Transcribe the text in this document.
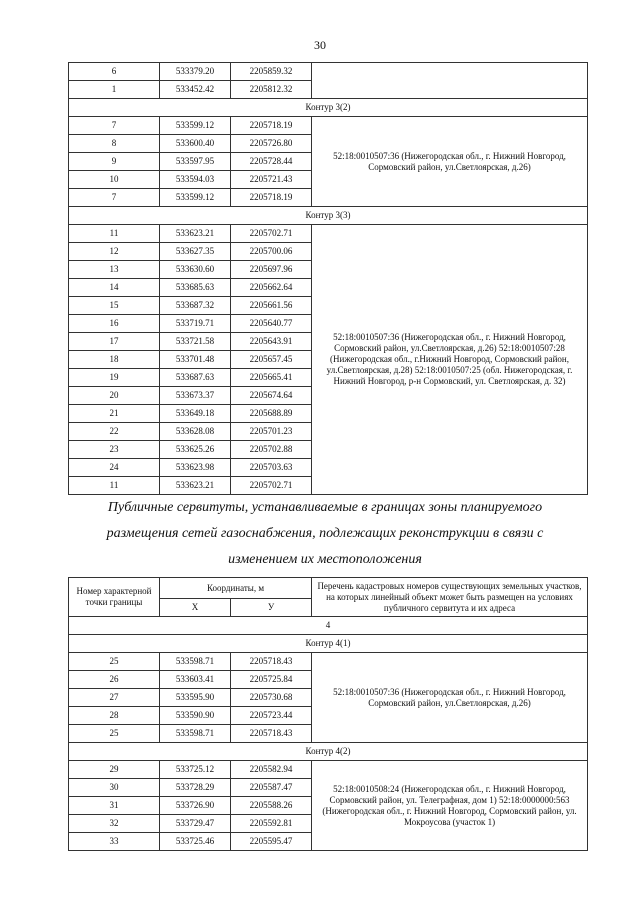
30
6	533379.20	2205859.32	
1	533452.42	2205812.32	
Контур 3(2)			
7	533599.12	2205718.19	52:18:0010507:36 (Нижегородская обл., г. Нижний Новгород, Сормовский район, ул.Светлоярская, д.26)
8	533600.40	2205726.80	
9	533597.95	2205728.44	
10	533594.03	2205721.43	
7	533599.12	2205718.19	
Контур 3(3)			
11	533623.21	2205702.71	52:18:0010507:36 (Нижегородская обл., г. Нижний Новгород, Сормовский район, ул.Светлоярская, д.26) 52:18:0010507:28 (Нижегородская обл., г.Нижний Новгород, Сормовский район, ул.Светлоярская, д.28) 52:18:0010507:25 (обл. Нижегородская, г. Нижний Новгород, р-н Сормовский, ул. Светлоярская, д. 32)
12	533627.35	2205700.06	
13	533630.60	2205697.96	
14	533685.63	2205662.64	
15	533687.32	2205661.56	
16	533719.71	2205640.77	
17	533721.58	2205643.91	
18	533701.48	2205657.45	
19	533687.63	2205665.41	
20	533673.37	2205674.64	
21	533649.18	2205688.89	
22	533628.08	2205701.23	
23	533625.26	2205702.88	
24	533623.98	2205703.63	
11	533623.21	2205702.71	
Публичные сервитуты, устанавливаемые в границах зоны планируемого
размещения сетей газоснабжения, подлежащих реконструкции в связи с
изменением их местоположения
Номер характерной точки границы	Координаты, м		Перечень кадастровых номеров существующих земельных участков, на которых линейный объект может быть размещен на условиях публичного сервитута и их адреса
	X	У	
4			
Контур 4(1)			
25	533598.71	2205718.43	52:18:0010507:36 (Нижегородская обл., г. Нижний Новгород, Сормовский район, ул.Светлоярская, д.26)
26	533603.41	2205725.84	
27	533595.90	2205730.68	
28	533590.90	2205723.44	
25	533598.71	2205718.43	
Контур 4(2)			
29	533725.12	2205582.94	52:18:0010508:24 (Нижегородская обл., г. Нижний Новгород, Сормовский район, ул. Телеграфная, дом 1) 52:18:0000000:563 (Нижегородская обл., г. Нижний Новгород, Сормовский район, ул. Мокроусова (участок 1)
30	533728.29	2205587.47	
31	533726.90	2205588.26	
32	533729.47	2205592.81	
33	533725.46	2205595.47	
